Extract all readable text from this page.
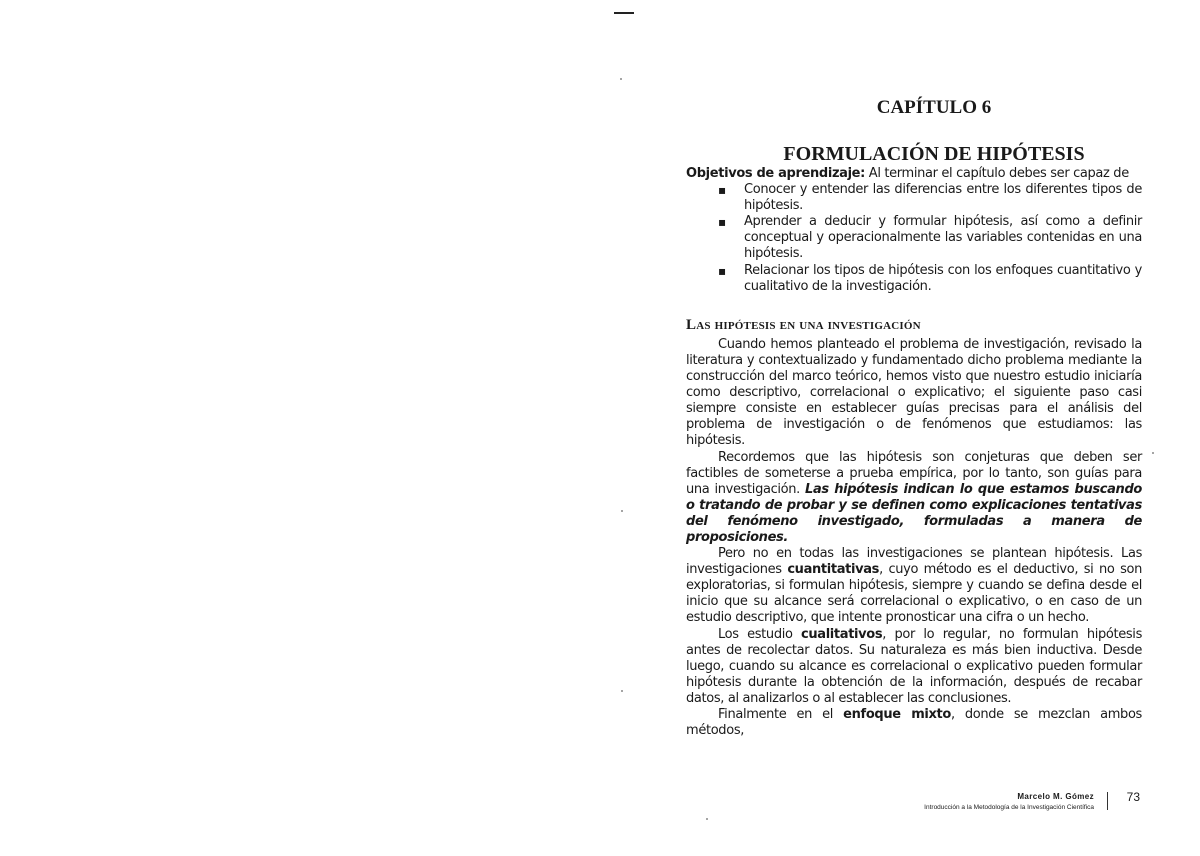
CAPÍTULO 6
FORMULACIÓN DE HIPÓTESIS

Objetivos de aprendizaje: Al terminar el capítulo debes ser capaz de

▪ Conocer y entender las diferencias entre los diferentes tipos de hipótesis.
▪ Aprender a deducir y formular hipótesis, así como a definir conceptual y operacionalmente las variables contenidas en una hipótesis.
▪ Relacionar los tipos de hipótesis con los enfoques cuantitativo y cualitativo de la investigación.
Las hipótesis en una investigación

Cuando hemos planteado el problema de investigación, revisado la literatura y contextualizado y fundamentado dicho problema mediante la construcción del marco teórico, hemos visto que nuestro estudio iniciaría como descriptivo, correlacional o explicativo; el siguiente paso casi siempre consiste en establecer guías precisas para el análisis del problema de investigación o de fenómenos que estudiamos: las hipótesis.

Recordemos que las hipótesis son conjeturas que deben ser factibles de someterse a prueba empírica, por lo tanto, son guías para una investigación. Las hipótesis indican lo que estamos buscando o tratando de probar y se definen como explicaciones tentativas del fenómeno investigado, formuladas a manera de proposiciones.

Pero no en todas las investigaciones se plantean hipótesis. Las investigaciones cuantitativas, cuyo método es el deductivo, si no son exploratorias, si formulan hipótesis, siempre y cuando se defina desde el inicio que su alcance será correlacional o explicativo, o en caso de un estudio descriptivo, que intente pronosticar una cifra o un hecho.

Los estudio cualitativos, por lo regular, no formulan hipótesis antes de recolectar datos. Su naturaleza es más bien inductiva. Desde luego, cuando su alcance es correlacional o explicativo pueden formular hipótesis durante la obtención de la información, después de recabar datos, al analizarlos o al establecer las conclusiones.

Finalmente en el enfoque mixto, donde se mezclan ambos métodos,

Marcelo M. Gómez
Introducción a la Metodología de la Investigación Científica
73
